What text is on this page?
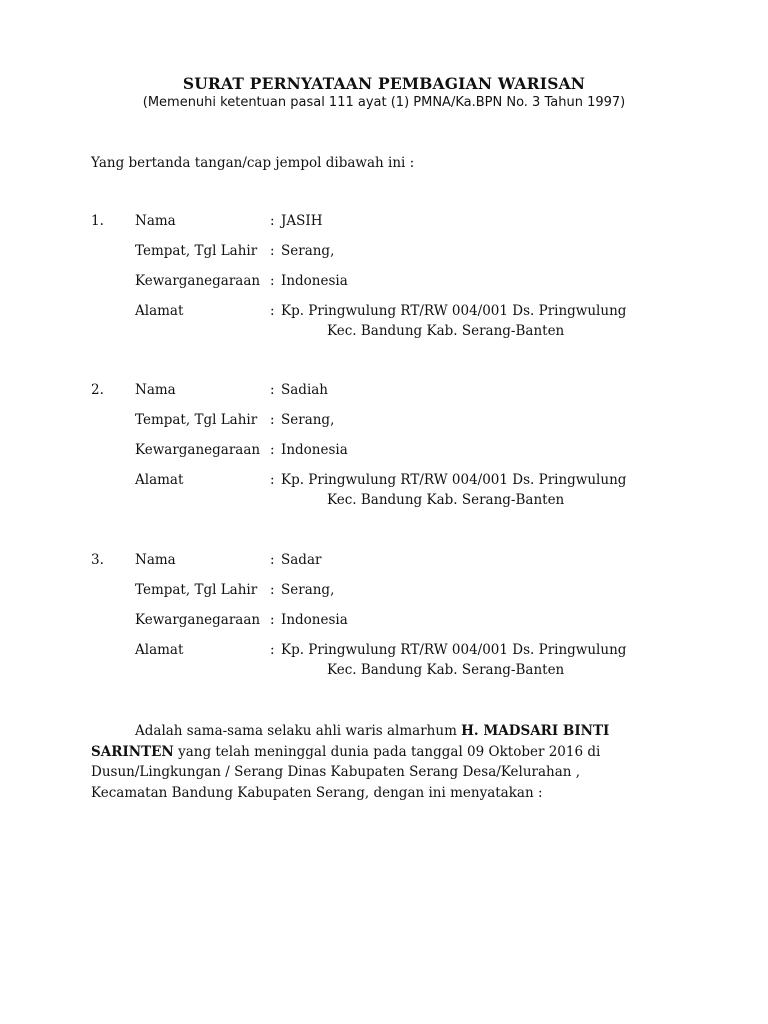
SURAT PERNYATAAN PEMBAGIAN WARISAN
(Memenuhi ketentuan pasal 111 ayat (1) PMNA/Ka.BPN No. 3 Tahun 1997)
Yang bertanda tangan/cap jempol dibawah ini :
1. Nama	: JASIH
Tempat, Tgl Lahir : Serang,
Kewarganegaraan : Indonesia
Alamat	: Kp. Pringwulung RT/RW 004/001 Ds. Pringwulung
Kec. Bandung Kab. Serang-Banten
2. Nama	: Sadiah
Tempat, Tgl Lahir : Serang,
Kewarganegaraan : Indonesia
Alamat	: Kp. Pringwulung RT/RW 004/001 Ds. Pringwulung
Kec. Bandung Kab. Serang-Banten
3. Nama	: Sadar
Tempat, Tgl Lahir : Serang,
Kewarganegaraan : Indonesia
Alamat	: Kp. Pringwulung RT/RW 004/001 Ds. Pringwulung
Kec. Bandung Kab. Serang-Banten
Adalah sama-sama selaku ahli waris almarhum H. MADSARI BINTI
SARINTEN yang telah meninggal dunia pada tanggal 09 Oktober 2016 di
Dusun/Lingkungan / Serang Dinas Kabupaten Serang Desa/Kelurahan ,
Kecamatan Bandung Kabupaten Serang, dengan ini menyatakan :
